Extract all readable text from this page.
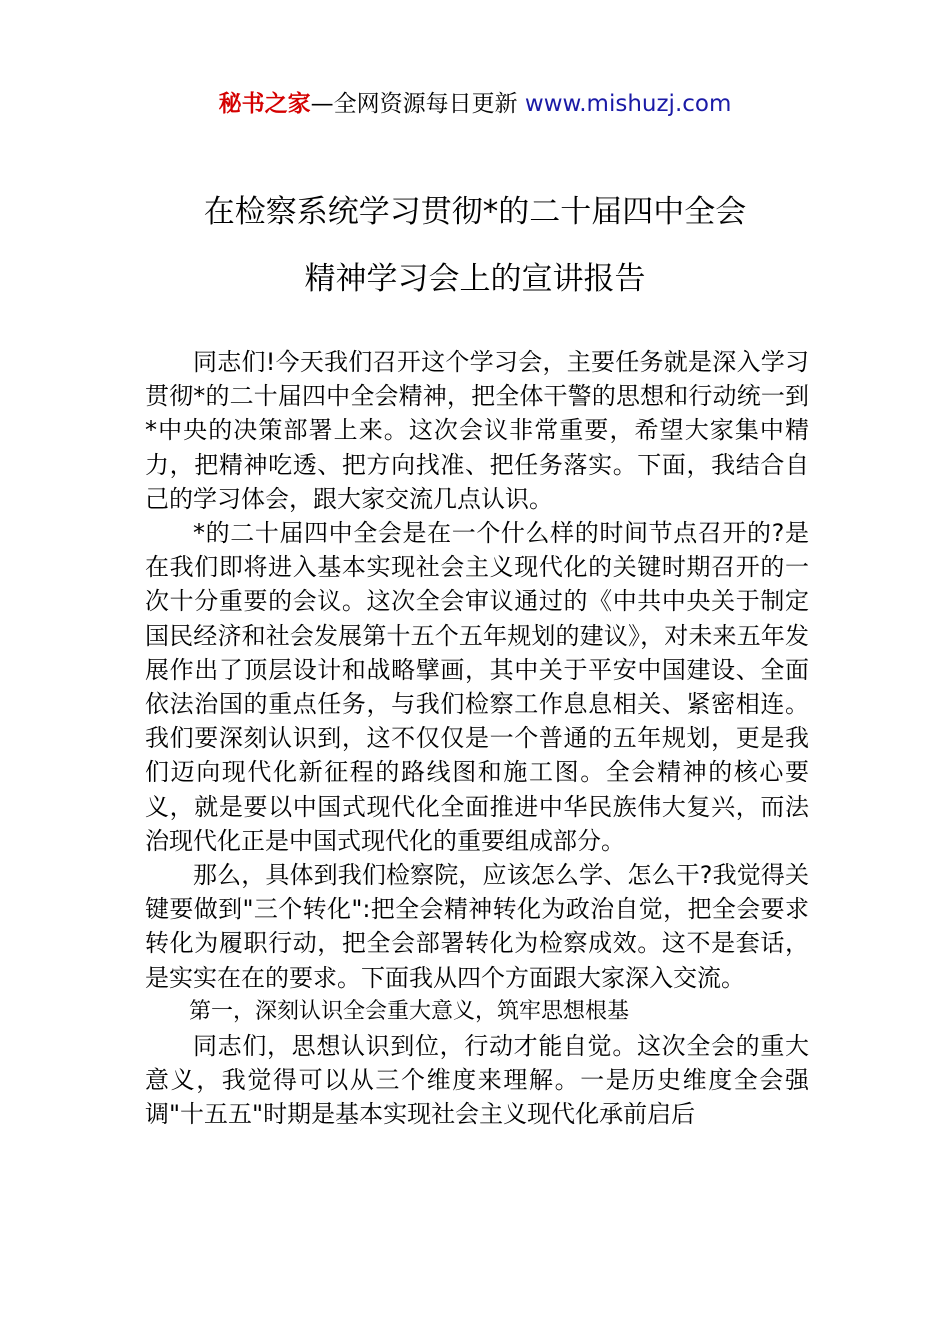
秘书之家—全网资源每日更新 www.mishuzj.com
在检察系统学习贯彻*的二十届四中全会
精神学习会上的宣讲报告

同志们!今天我们召开这个学习会，主要任务就是深入学习贯彻*的二十届四中全会精神，把全体干警的思想和行动统一到*中央的决策部署上来。这次会议非常重要，希望大家集中精力，把精神吃透、把方向找准、把任务落实。下面，我结合自己的学习体会，跟大家交流几点认识。

*的二十届四中全会是在一个什么样的时间节点召开的?是在我们即将进入基本实现社会主义现代化的关键时期召开的一次十分重要的会议。这次全会审议通过的《中共中央关于制定国民经济和社会发展第十五个五年规划的建议》，对未来五年发展作出了顶层设计和战略擘画，其中关于平安中国建设、全面依法治国的重点任务，与我们检察工作息息相关、紧密相连。我们要深刻认识到，这不仅仅是一个普通的五年规划，更是我们迈向现代化新征程的路线图和施工图。全会精神的核心要义，就是要以中国式现代化全面推进中华民族伟大复兴，而法治现代化正是中国式现代化的重要组成部分。

那么，具体到我们检察院，应该怎么学、怎么干?我觉得关键要做到"三个转化":把全会精神转化为政治自觉，把全会要求转化为履职行动，把全会部署转化为检察成效。这不是套话，是实实在在的要求。下面我从四个方面跟大家深入交流。

第一，深刻认识全会重大意义，筑牢思想根基

同志们，思想认识到位，行动才能自觉。这次全会的重大意义，我觉得可以从三个维度来理解。一是历史维度全会强调"十五五"时期是基本实现社会主义现代化承前启后
